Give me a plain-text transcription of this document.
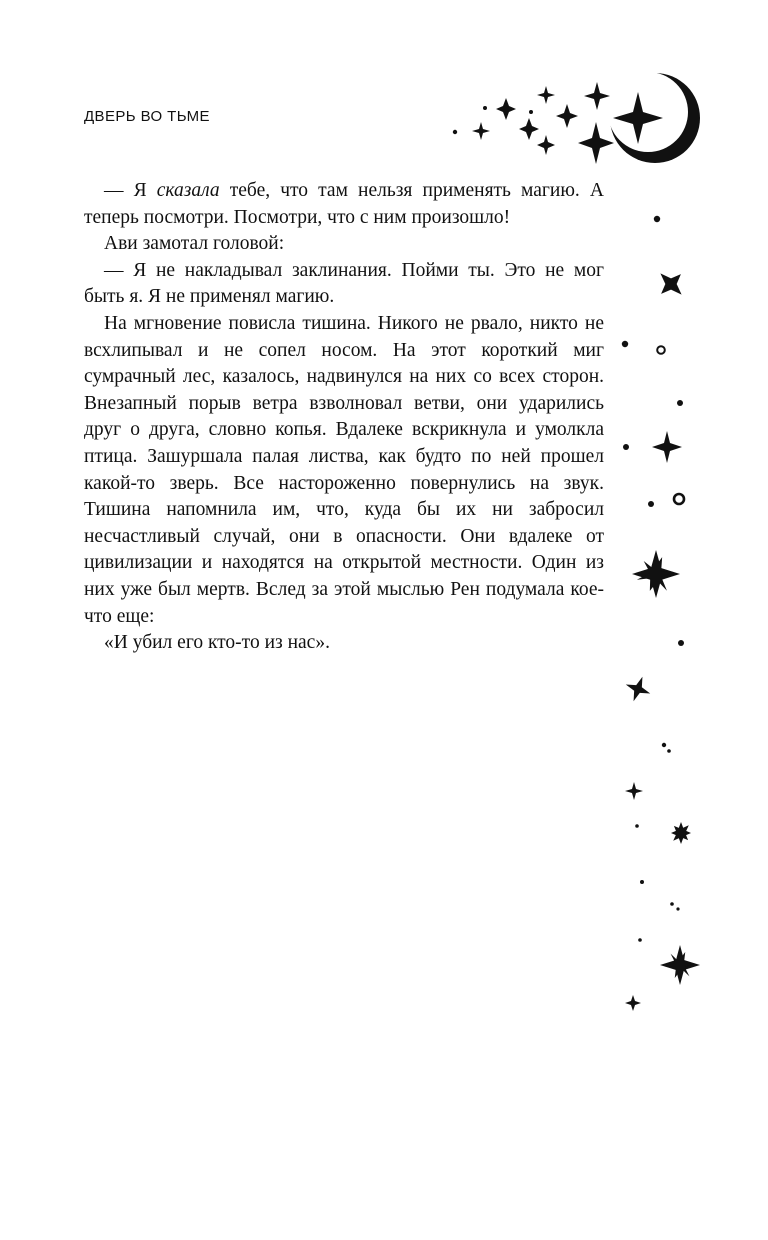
ДВЕРЬ ВО ТЬМЕ

— Я сказала тебе, что там нельзя применять магию. А теперь посмотри. Посмотри, что с ним произошло!

Ави замотал головой:

— Я не накладывал заклинания. Пойми ты. Это не мог быть я. Я не применял магию.

На мгновение повисла тишина. Никого не рвало, никто не всхлипывал и не сопел носом. На этот короткий миг сумрачный лес, казалось, надвинулся на них со всех сторон. Внезапный порыв ветра взволновал ветви, они ударились друг о друга, словно копья. Вдалеке вскрикнула и умолкла птица. Зашуршала палая листва, как будто по ней прошел какой-то зверь. Все настороженно повернулись на звук. Тишина напомнила им, что, куда бы их ни забросил несчастливый случай, они в опасности. Они вдалеке от цивилизации и находятся на открытой местности. Один из них уже был мертв. Вслед за этой мыслью Рен подумала кое-что еще:

«И убил его кто-то из нас».
